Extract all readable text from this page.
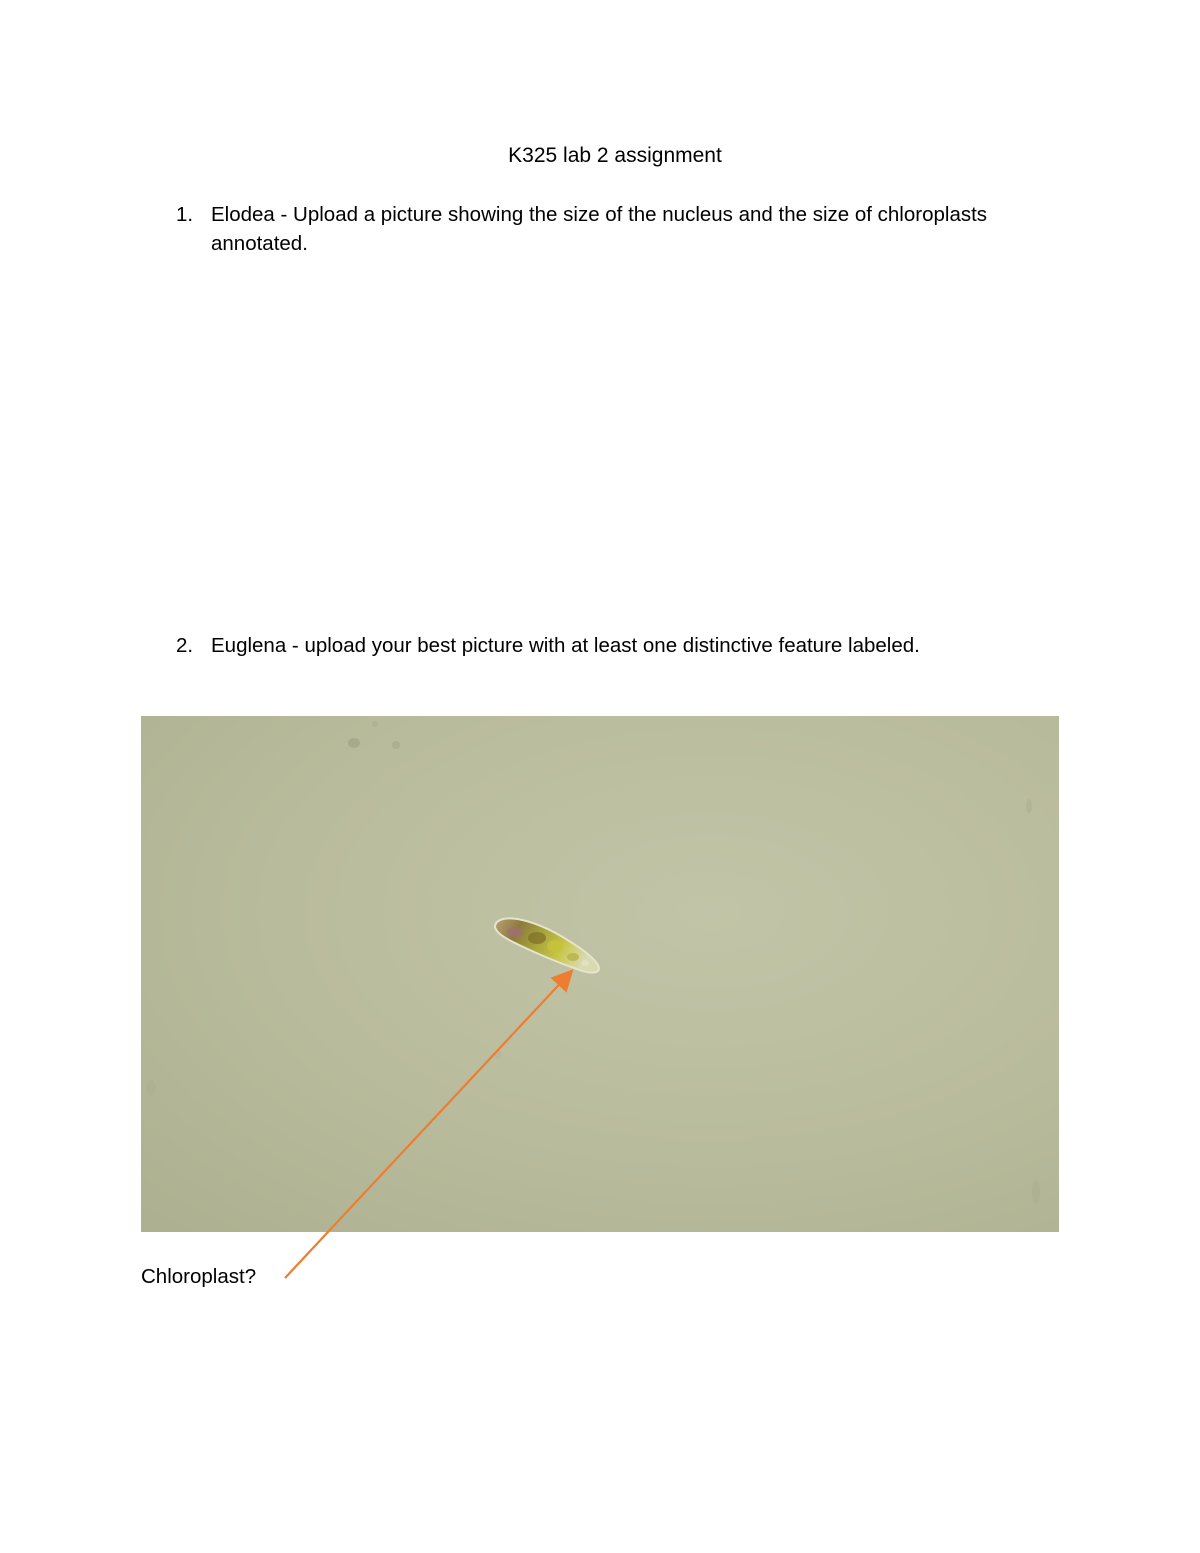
K325 lab 2 assignment
1. Elodea - Upload a picture showing the size of the nucleus and the size of chloroplasts annotated.
2. Euglena - upload your best picture with at least one distinctive feature labeled.
Chloroplast?
